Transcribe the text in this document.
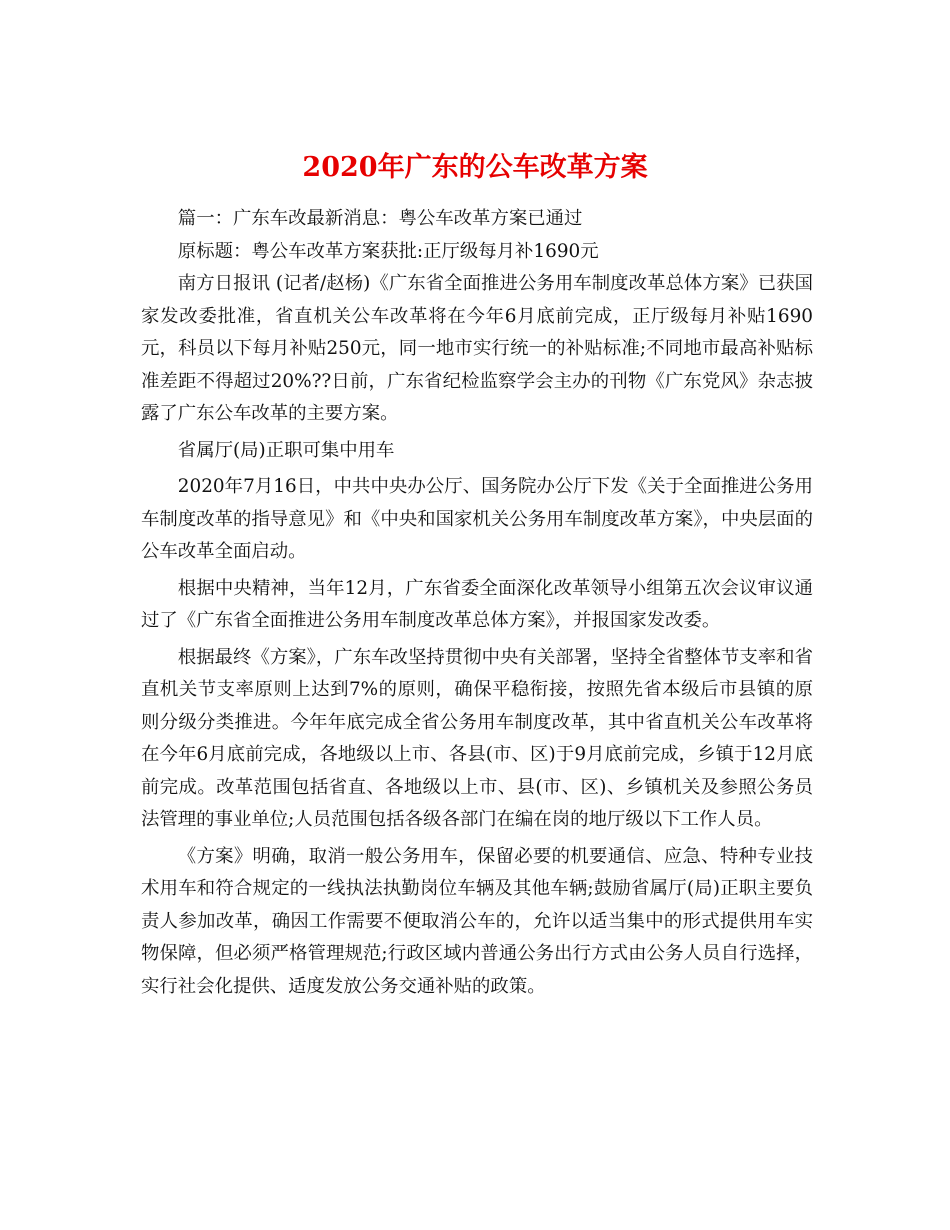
2020年广东的公车改革方案

篇一：广东车改最新消息：粤公车改革方案已通过

原标题：粤公车改革方案获批:正厅级每月补1690元

南方日报讯 (记者/赵杨)《广东省全面推进公务用车制度改革总体方案》已获国家发改委批准，省直机关公车改革将在今年6月底前完成，正厅级每月补贴1690元，科员以下每月补贴250元，同一地市实行统一的补贴标准;不同地市最高补贴标准差距不得超过20%??日前，广东省纪检监察学会主办的刊物《广东党风》杂志披露了广东公车改革的主要方案。

省属厅(局)正职可集中用车

2020年7月16日，中共中央办公厅、国务院办公厅下发《关于全面推进公务用车制度改革的指导意见》和《中央和国家机关公务用车制度改革方案》，中央层面的公车改革全面启动。

根据中央精神，当年12月，广东省委全面深化改革领导小组第五次会议审议通过了《广东省全面推进公务用车制度改革总体方案》，并报国家发改委。

根据最终《方案》，广东车改坚持贯彻中央有关部署，坚持全省整体节支率和省直机关节支率原则上达到7%的原则，确保平稳衔接，按照先省本级后市县镇的原则分级分类推进。今年年底完成全省公务用车制度改革，其中省直机关公车改革将在今年6月底前完成，各地级以上市、各县(市、区)于9月底前完成，乡镇于12月底前完成。改革范围包括省直、各地级以上市、县(市、区)、乡镇机关及参照公务员法管理的事业单位;人员范围包括各级各部门在编在岗的地厅级以下工作人员。

《方案》明确，取消一般公务用车，保留必要的机要通信、应急、特种专业技术用车和符合规定的一线执法执勤岗位车辆及其他车辆;鼓励省属厅(局)正职主要负责人参加改革，确因工作需要不便取消公车的，允许以适当集中的形式提供用车实物保障，但必须严格管理规范;行政区域内普通公务出行方式由公务人员自行选择，实行社会化提供、适度发放公务交通补贴的政策。
